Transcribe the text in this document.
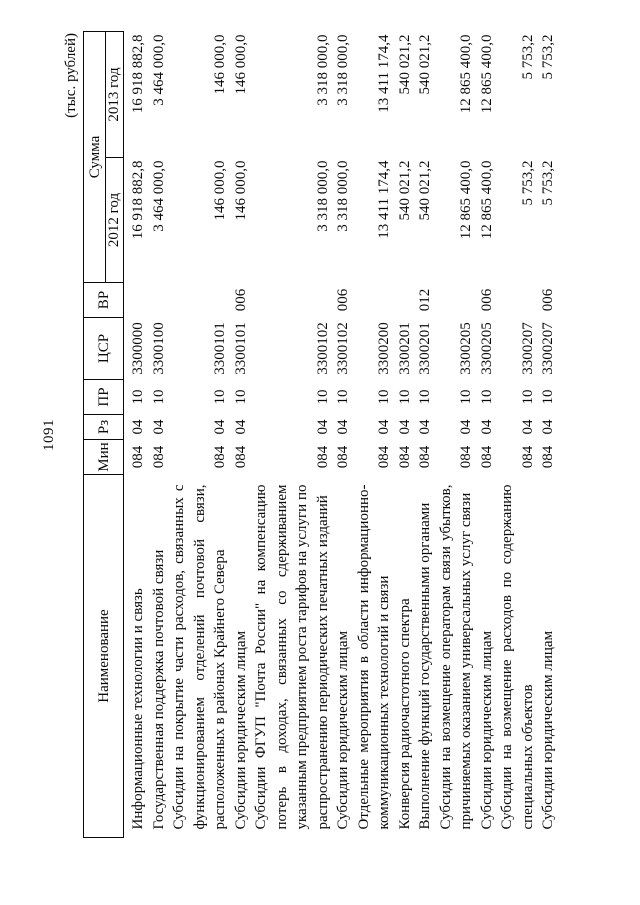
1091
(тыс. рублей)
Наименование	Мин	Рз	ПР	ЦСР	ВР	Сумма	
						2012 год	2013 год
Информационные технологии и связь	084	04	10	3300000		16 918 882,8	16 918 882,8
Государственная поддержка почтовой связи	084	04	10	3300100		3 464 000,0	3 464 000,0
Субсидии на покрытие части расходов, связанных с функционированием отделений почтовой связи, расположенных в районах Крайнего Севера	084	04	10	3300101		146 000,0	146 000,0
Субсидии юридическим лицам	084	04	10	3300101	006	146 000,0	146 000,0
Субсидии ФГУП "Почта России" на компенсацию потерь в доходах, связанных со сдерживанием указанным предприятием роста тарифов на услуги по распространению периодических печатных изданий	084	04	10	3300102		3 318 000,0	3 318 000,0
Субсидии юридическим лицам	084	04	10	3300102	006	3 318 000,0	3 318 000,0
Отдельные мероприятия в области информационно-коммуникационных технологий и связи	084	04	10	3300200		13 411 174,4	13 411 174,4
Конверсия радиочастотного спектра	084	04	10	3300201		540 021,2	540 021,2
Выполнение функций государственными органами	084	04	10	3300201	012	540 021,2	540 021,2
Субсидии на возмещение операторам связи убытков, причиняемых оказанием универсальных услуг связи	084	04	10	3300205		12 865 400,0	12 865 400,0
Субсидии юридическим лицам	084	04	10	3300205	006	12 865 400,0	12 865 400,0
Субсидии на возмещение расходов по содержанию специальных объектов	084	04	10	3300207		5 753,2	5 753,2
Субсидии юридическим лицам	084	04	10	3300207	006	5 753,2	5 753,2
